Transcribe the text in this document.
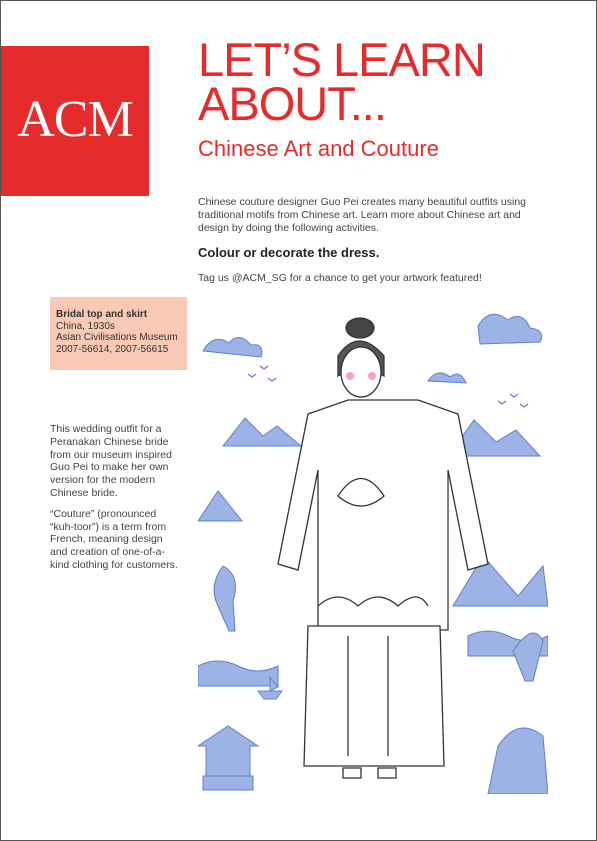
ACM
LET’S LEARN
ABOUT...
Chinese Art and Couture
Chinese couture designer Guo Pei creates many beautiful outfits using traditional motifs from Chinese art. Learn more about Chinese art and design by doing the following activities.
Colour or decorate the dress.
Tag us @ACM_SG for a chance to get your artwork featured!
Bridal top and skirt
China, 1930s
Asian Civilisations Museum
2007-56614, 2007-56615

This wedding outfit for a Peranakan Chinese bride from our museum inspired Guo Pei to make her own version for the modern Chinese bride.

“Couture” (pronounced “kuh-toor”) is a term from French, meaning design and creation of one-of-a-kind clothing for customers.
